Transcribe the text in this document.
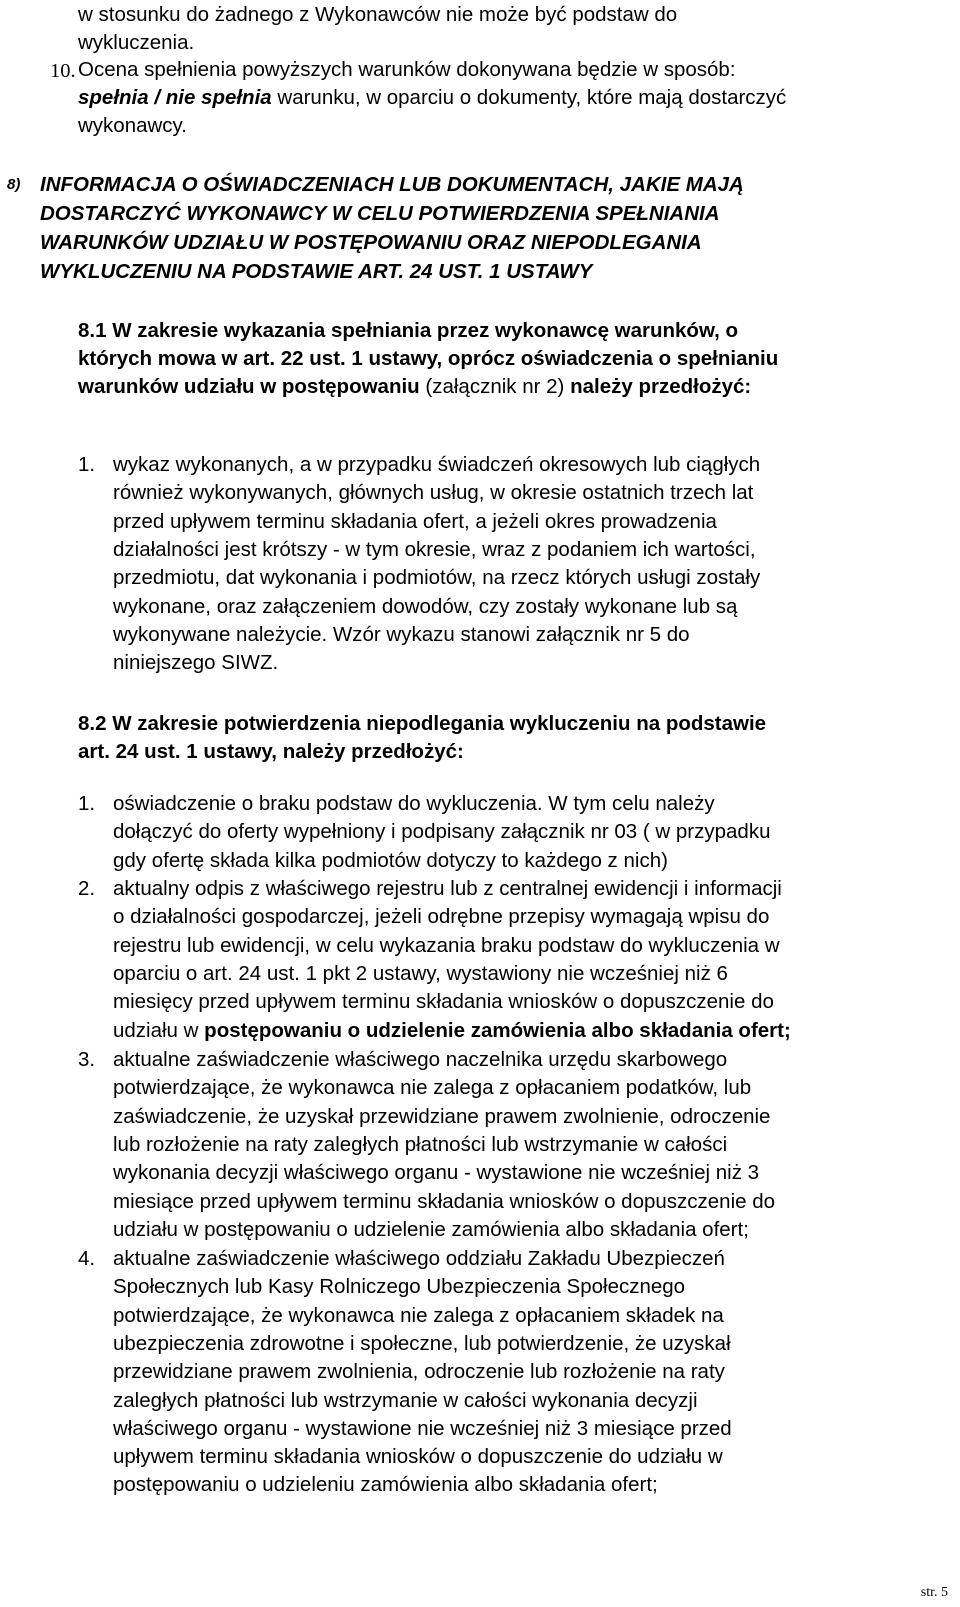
w stosunku do żadnego z Wykonawców nie może być podstaw do
wykluczenia.
10. Ocena spełnienia powyższych warunków dokonywana będzie w sposób:
spełnia / nie spełnia warunku, w oparciu o dokumenty, które mają dostarczyć
wykonawcy.
8) INFORMACJA O OŚWIADCZENIACH LUB DOKUMENTACH, JAKIE MAJĄ
DOSTARCZYĆ WYKONAWCY W CELU POTWIERDZENIA SPEŁNIANIA
WARUNKÓW UDZIAŁU W POSTĘPOWANIU ORAZ NIEPODLEGANIA
WYKLUCZENIU NA PODSTAWIE ART. 24 UST. 1 USTAWY
8.1 W zakresie wykazania spełniania przez wykonawcę warunków, o
których mowa w art. 22 ust. 1 ustawy, oprócz oświadczenia o spełnianiu
warunków udziału w postępowaniu (załącznik nr 2) należy przedłożyć:
1. wykaz wykonanych, a w przypadku świadczeń okresowych lub ciągłych
również wykonywanych, głównych usług, w okresie ostatnich trzech lat
przed upływem terminu składania ofert, a jeżeli okres prowadzenia
działalności jest krótszy - w tym okresie, wraz z podaniem ich wartości,
przedmiotu, dat wykonania i podmiotów, na rzecz których usługi zostały
wykonane, oraz załączeniem dowodów, czy zostały wykonane lub są
wykonywane należycie. Wzór wykazu stanowi załącznik nr 5 do
niniejszego SIWZ.
8.2 W zakresie potwierdzenia niepodlegania wykluczeniu na podstawie
art. 24 ust. 1 ustawy, należy przedłożyć:
1. oświadczenie o braku podstaw do wykluczenia. W tym celu należy
dołączyć do oferty wypełniony i podpisany załącznik nr 03 ( w przypadku
gdy ofertę składa kilka podmiotów dotyczy to każdego z nich)
2. aktualny odpis z właściwego rejestru lub z centralnej ewidencji i informacji
o działalności gospodarczej, jeżeli odrębne przepisy wymagają wpisu do
rejestru lub ewidencji, w celu wykazania braku podstaw do wykluczenia w
oparciu o art. 24 ust. 1 pkt 2 ustawy, wystawiony nie wcześniej niż 6
miesięcy przed upływem terminu składania wniosków o dopuszczenie do
udziału w postępowaniu o udzielenie zamówienia albo składania ofert;
3. aktualne zaświadczenie właściwego naczelnika urzędu skarbowego
potwierdzające, że wykonawca nie zalega z opłacaniem podatków, lub
zaświadczenie, że uzyskał przewidziane prawem zwolnienie, odroczenie
lub rozłożenie na raty zaległych płatności lub wstrzymanie w całości
wykonania decyzji właściwego organu - wystawione nie wcześniej niż 3
miesiące przed upływem terminu składania wniosków o dopuszczenie do
udziału w postępowaniu o udzielenie zamówienia albo składania ofert;
4. aktualne zaświadczenie właściwego oddziału Zakładu Ubezpieczeń
Społecznych lub Kasy Rolniczego Ubezpieczenia Społecznego
potwierdzające, że wykonawca nie zalega z opłacaniem składek na
ubezpieczenia zdrowotne i społeczne, lub potwierdzenie, że uzyskał
przewidziane prawem zwolnienia, odroczenie lub rozłożenie na raty
zaległych płatności lub wstrzymanie w całości wykonania decyzji
właściwego organu - wystawione nie wcześniej niż 3 miesiące przed
upływem terminu składania wniosków o dopuszczenie do udziału w
postępowaniu o udzieleniu zamówienia albo składania ofert;
str. 5
